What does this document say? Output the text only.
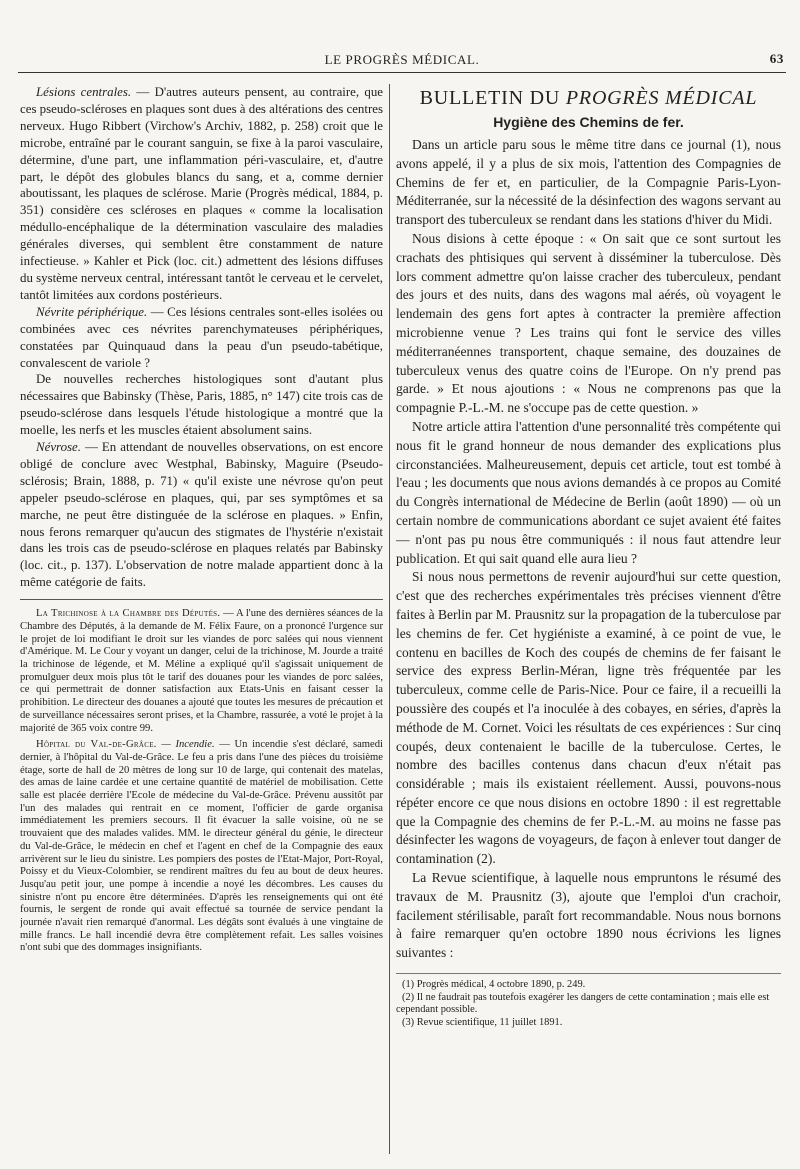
LE PROGRÈS MÉDICAL.	63

Lésions centrales. — D'autres auteurs pensent, au contraire, que ces pseudo-scléroses en plaques sont dues à des altérations des centres nerveux. Hugo Ribbert (Virchow's Archiv, 1882, p. 258) croit que le microbe, entraîné par le courant sanguin, se fixe à la paroi vasculaire, détermine, d'une part, une inflammation péri-vasculaire, et, d'autre part, le dépôt des globules blancs du sang, et a, comme dernier aboutissant, les plaques de sclérose. Marie (Progrès médical, 1884, p. 351) considère ces scléroses en plaques « comme la localisation médullo-encéphalique de la détermination vasculaire des maladies générales diverses, qui semblent être constamment de nature infectieuse. » Kahler et Pick (loc. cit.) admettent des lésions diffuses du système nerveux central, intéressant tantôt le cerveau et le cervelet, tantôt limitées aux cordons postérieurs.

Névrite périphérique. — Ces lésions centrales sont-elles isolées ou combinées avec ces névrites parenchymateuses périphériques, constatées par Quinquaud dans la peau d'un pseudo-tabétique, convalescent de variole ?

De nouvelles recherches histologiques sont d'autant plus nécessaires que Babinsky (Thèse, Paris, 1885, n° 147) cite trois cas de pseudo-sclérose dans lesquels l'étude histologique a montré que la moelle, les nerfs et les muscles étaient absolument sains.

Névrose. — En attendant de nouvelles observations, on est encore obligé de conclure avec Westphal, Babinsky, Maguire (Pseudo-sclérosis; Brain, 1888, p. 71) « qu'il existe une névrose qu'on peut appeler pseudo-sclérose en plaques, qui, par ses symptômes et sa marche, ne peut être distinguée de la sclérose en plaques. » Enfin, nous ferons remarquer qu'aucun des stigmates de l'hystérie n'existait dans les trois cas de pseudo-sclérose en plaques relatés par Babinsky (loc. cit., p. 137). L'observation de notre malade appartient donc à la même catégorie de faits.

La Trichinose à la Chambre des Députés. — A l'une des dernières séances de la Chambre des Députés, à la demande de M. Félix Faure, on a prononcé l'urgence sur le projet de loi modifiant le droit sur les viandes de porc salées qui nous viennent d'Amérique. M. Le Cour y voyant un danger, celui de la trichinose, M. Jourde a traité la trichinose de légende, et M. Méline a expliqué qu'il s'agissait uniquement de promulguer deux mois plus tôt le tarif des douanes pour les viandes de porc salées, ce qui permettrait de donner satisfaction aux Etats-Unis en faisant cesser la prohibition. Le directeur des douanes a ajouté que toutes les mesures de précaution et de surveillance nécessaires seront prises, et la Chambre, rassurée, a voté le projet à la majorité de 365 voix contre 99.

Hôpital du Val-de-Grâce. — Incendie. — Un incendie s'est déclaré, samedi dernier, à l'hôpital du Val-de-Grâce. Le feu a pris dans l'une des pièces du troisième étage, sorte de hall de 20 mètres de long sur 10 de large, qui contenait des matelas, des amas de laine cardée et une certaine quantité de matériel de mobilisation. Cette salle est placée derrière l'Ecole de médecine du Val-de-Grâce. Prévenu aussitôt par l'un des malades qui rentrait en ce moment, l'officier de garde organisa immédiatement les premiers secours. Il fit évacuer la salle voisine, où ne se trouvaient que des malades valides. MM. le directeur général du génie, le directeur du Val-de-Grâce, le médecin en chef et l'agent en chef de la Compagnie des eaux arrivèrent sur le lieu du sinistre. Les pompiers des postes de l'Etat-Major, Port-Royal, Poissy et du Vieux-Colombier, se rendirent maîtres du feu au bout de deux heures. Jusqu'au petit jour, une pompe à incendie a noyé les décombres. Les causes du sinistre n'ont pu encore être déterminées. D'après les renseignements qui ont été fournis, le sergent de ronde qui avait effectué sa tournée de service pendant la journée n'avait rien remarqué d'anormal. Les dégâts sont évalués à une vingtaine de mille francs. Le hall incendié devra être complètement refait. Les salles voisines n'ont subi que des dommages insignifiants.

BULLETIN DU PROGRÈS MÉDICAL
Hygiène des Chemins de fer.

Dans un article paru sous le même titre dans ce journal (1), nous avons appelé, il y a plus de six mois, l'attention des Compagnies de Chemins de fer et, en particulier, de la Compagnie Paris-Lyon-Méditerranée, sur la nécessité de la désinfection des wagons servant au transport des tuberculeux se rendant dans les stations d'hiver du Midi.

Nous disions à cette époque : « On sait que ce sont surtout les crachats des phtisiques qui servent à disséminer la tuberculose. Dès lors comment admettre qu'on laisse cracher des tuberculeux, pendant des jours et des nuits, dans des wagons mal aérés, où voyagent le lendemain des gens fort aptes à contracter la première affection microbienne venue ? Les trains qui font le service des villes méditerranéennes transportent, chaque semaine, des douzaines de tuberculeux venus des quatre coins de l'Europe. On n'y prend pas garde. » Et nous ajoutions : « Nous ne comprenons pas que la compagnie P.-L.-M. ne s'occupe pas de cette question. »

Notre article attira l'attention d'une personnalité très compétente qui nous fit le grand honneur de nous demander des explications plus circonstanciées. Malheureusement, depuis cet article, tout est tombé à l'eau ; les documents que nous avions demandés à ce propos au Comité du Congrès international de Médecine de Berlin (août 1890) — où un certain nombre de communications abordant ce sujet avaient été faites — n'ont pas pu nous être communiqués : il nous faut attendre leur publication. Et qui sait quand elle aura lieu ?

Si nous nous permettons de revenir aujourd'hui sur cette question, c'est que des recherches expérimentales très précises viennent d'être faites à Berlin par M. Prausnitz sur la propagation de la tuberculose par les chemins de fer. Cet hygiéniste a examiné, à ce point de vue, le contenu en bacilles de Koch des coupés de chemins de fer faisant le service des express Berlin-Méran, ligne très fréquentée par les tuberculeux, comme celle de Paris-Nice. Pour ce faire, il a recueilli la poussière des coupés et l'a inoculée à des cobayes, en séries, d'après la méthode de M. Cornet. Voici les résultats de ces expériences : Sur cinq coupés, deux contenaient le bacille de la tuberculose. Certes, le nombre des bacilles contenus dans chacun d'eux n'était pas considérable ; mais ils existaient réellement. Aussi, pouvons-nous répéter encore ce que nous disions en octobre 1890 : il est regrettable que la Compagnie des chemins de fer P.-L.-M. au moins ne fasse pas désinfecter les wagons de voyageurs, de façon à enlever tout danger de contamination (2).

La Revue scientifique, à laquelle nous empruntons le résumé des travaux de M. Prausnitz (3), ajoute que l'emploi d'un crachoir, facilement stérilisable, paraît fort recommandable. Nous nous bornons à faire remarquer qu'en octobre 1890 nous écrivions les lignes suivantes :

(1) Progrès médical, 4 octobre 1890, p. 249.

(2) Il ne faudrait pas toutefois exagérer les dangers de cette contamination ; mais elle est cependant possible.

(3) Revue scientifique, 11 juillet 1891.
